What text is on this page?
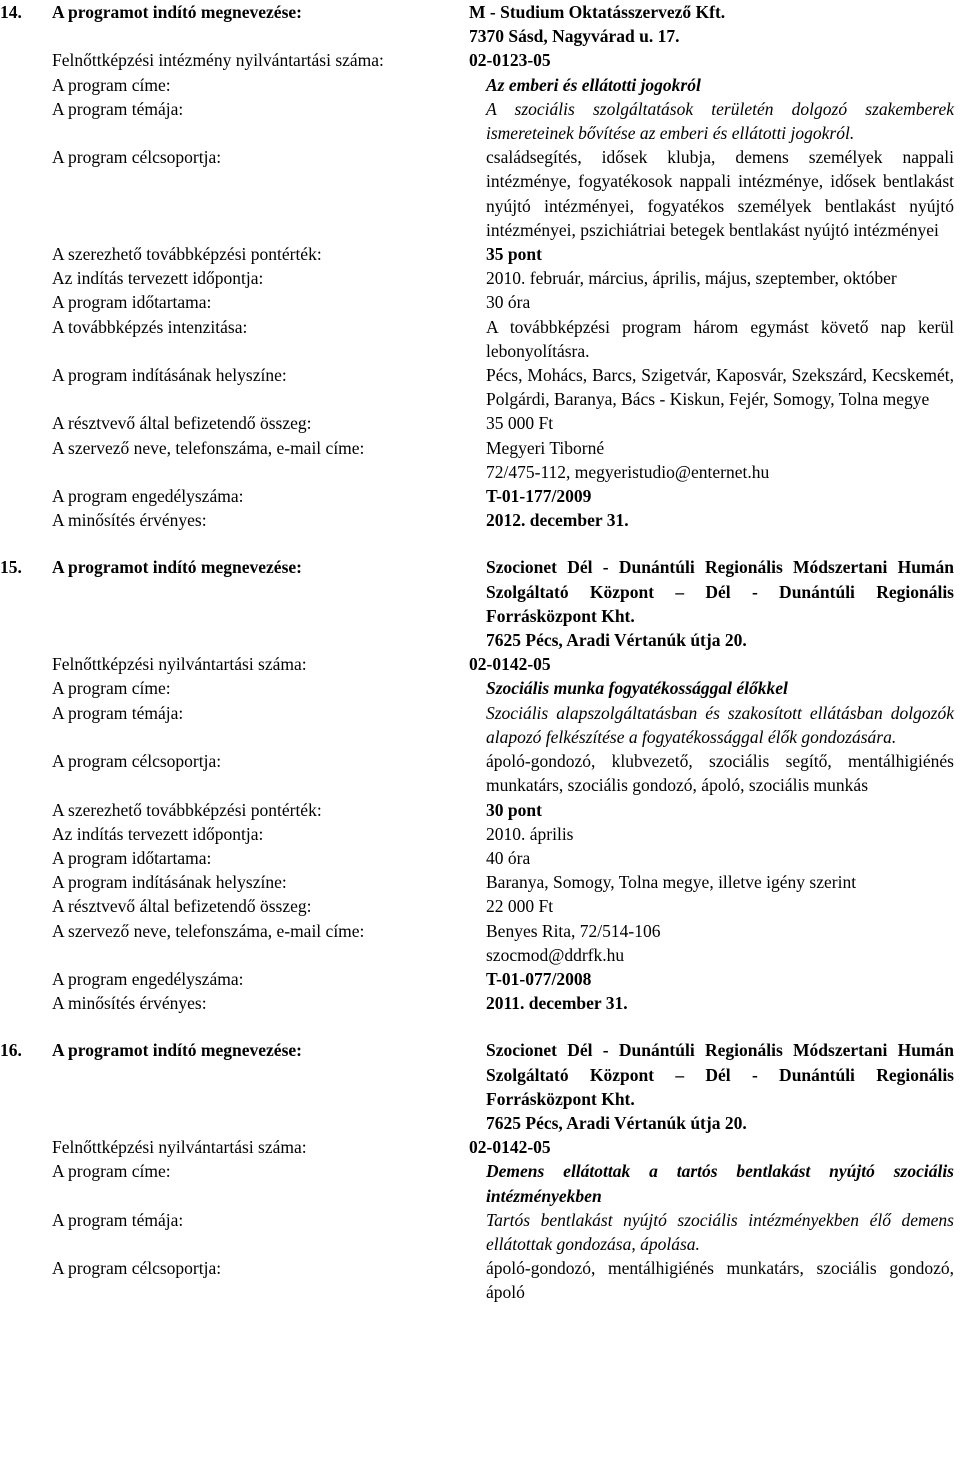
14. A programot indító megnevezése:	M - Studium Oktatásszervező Kft.
7370 Sásd, Nagyvárad u. 17.
Felnőttképzési intézmény nyilvántartási száma:	02-0123-05
A program címe:	Az emberi és ellátotti jogokról
A program témája:	A szociális szolgáltatások területén dolgozó szakemberek ismereteinek bővítése az emberi és ellátotti jogokról.
A program célcsoportja:	családsegítés, idősek klubja, demens személyek nappali intézménye, fogyatékosok nappali intézménye, idősek bentlakást nyújtó intézményei, fogyatékos személyek bentlakást nyújtó intézményei, pszichiátriai betegek bentlakást nyújtó intézményei
A szerezhető továbbképzési pontérték:	35 pont
Az indítás tervezett időpontja:	2010. február, március, április, május, szeptember, október
A program időtartama:	30 óra
A továbbképzés intenzitása:	A továbbképzési program három egymást követő nap kerül lebonyolításra.
A program indításának helyszíne:	Pécs, Mohács, Barcs, Szigetvár, Kaposvár, Szekszárd, Kecskemét, Polgárdi, Baranya, Bács - Kiskun, Fejér, Somogy, Tolna megye
A résztvevő által befizetendő összeg:	35 000 Ft
A szervező neve, telefonszáma, e-mail címe:	Megyeri Tiborné
72/475-112, megyeristudio@enternet.hu
A program engedélyszáma:	T-01-177/2009
A minősítés érvényes:	2012. december 31.
15. A programot indító megnevezése:	Szocionet Dél - Dunántúli Regionális Módszertani Humán Szolgáltató Központ – Dél - Dunántúli Regionális Forrásközpont Kht.
7625 Pécs, Aradi Vértanúk útja 20.
Felnőttképzési nyilvántartási száma:	02-0142-05
A program címe:	Szociális munka fogyatékossággal élőkkel
A program témája:	Szociális alapszolgáltatásban és szakosított ellátásban dolgozók alapozó felkészítése a fogyatékossággal élők gondozására.
A program célcsoportja:	ápoló-gondozó, klubvezető, szociális segítő, mentálhigiénés munkatárs, szociális gondozó, ápoló, szociális munkás
A szerezhető továbbképzési pontérték:	30 pont
Az indítás tervezett időpontja:	2010. április
A program időtartama:	40 óra
A program indításának helyszíne:	Baranya, Somogy, Tolna megye, illetve igény szerint
A résztvevő által befizetendő összeg:	22 000 Ft
A szervező neve, telefonszáma, e-mail címe:	Benyes Rita, 72/514-106
szocmod@ddrfk.hu
A program engedélyszáma:	T-01-077/2008
A minősítés érvényes:	2011. december 31.
16. A programot indító megnevezése:	Szocionet Dél - Dunántúli Regionális Módszertani Humán Szolgáltató Központ – Dél - Dunántúli Regionális Forrásközpont Kht.
7625 Pécs, Aradi Vértanúk útja 20.
Felnőttképzési nyilvántartási száma:	02-0142-05
A program címe:	Demens ellátottak a tartós bentlakást nyújtó szociális intézményekben
A program témája:	Tartós bentlakást nyújtó szociális intézményekben élő demens ellátottak gondozása, ápolása.
A program célcsoportja:	ápoló-gondozó, mentálhigiénés munkatárs, szociális gondozó, ápoló
